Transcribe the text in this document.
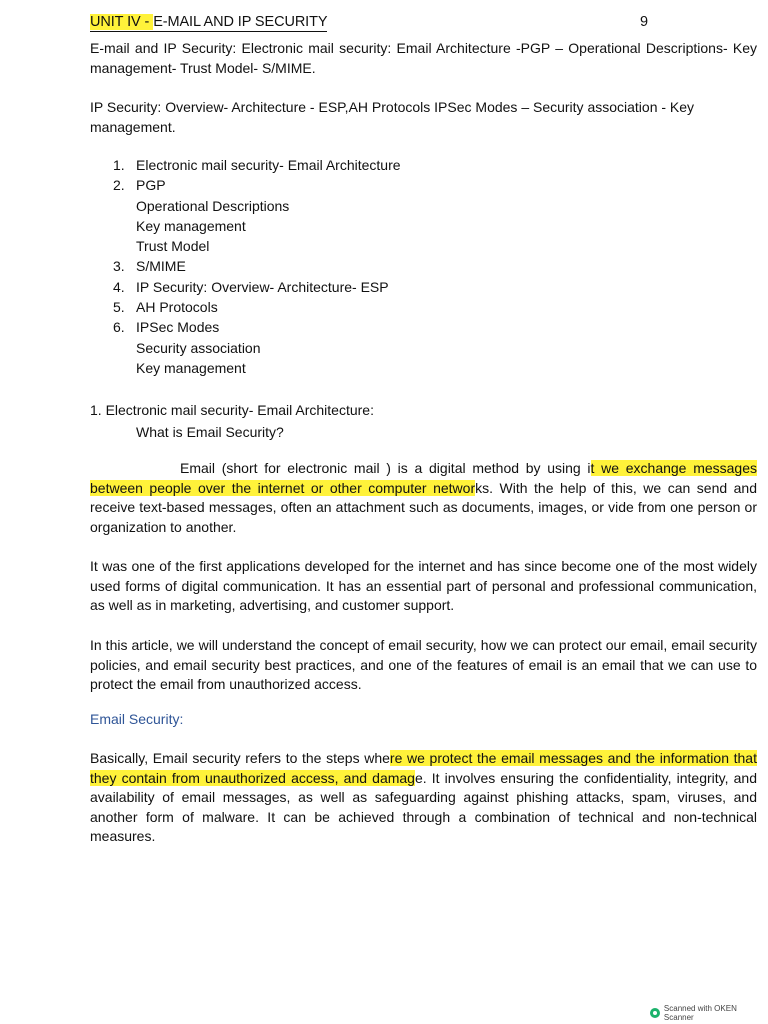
UNIT IV - E-MAIL AND IP SECURITY	9

E-mail and IP Security: Electronic mail security: Email Architecture -PGP – Operational Descriptions- Key management- Trust Model- S/MIME.

IP Security: Overview- Architecture - ESP,AH Protocols IPSec Modes – Security association - Key management.

1. Electronic mail security- Email Architecture
2. PGP
Operational Descriptions
Key management
Trust Model
3. S/MIME
4. IP Security: Overview- Architecture- ESP
5. AH Protocols
6. IPSec Modes
Security association
Key management

1. Electronic mail security- Email Architecture:

What is Email Security?

Email (short for electronic mail ) is a digital method by using it we exchange messages between people over the internet or other computer networks. With the help of this, we can send and receive text-based messages, often an attachment such as documents, images, or vide from one person or organization to another.

It was one of the first applications developed for the internet and has since become one of the most widely used forms of digital communication. It has an essential part of personal and professional communication, as well as in marketing, advertising, and customer support.

In this article, we will understand the concept of email security, how we can protect our email, email security policies, and email security best practices, and one of the features of email is an email that we can use to protect the email from unauthorized access.

Email Security:

Basically, Email security refers to the steps where we protect the email messages and the information that they contain from unauthorized access, and damage. It involves ensuring the confidentiality, integrity, and availability of email messages, as well as safeguarding against phishing attacks, spam, viruses, and another form of malware. It can be achieved through a combination of technical and non-technical measures.

Scanned with OKEN Scanner
